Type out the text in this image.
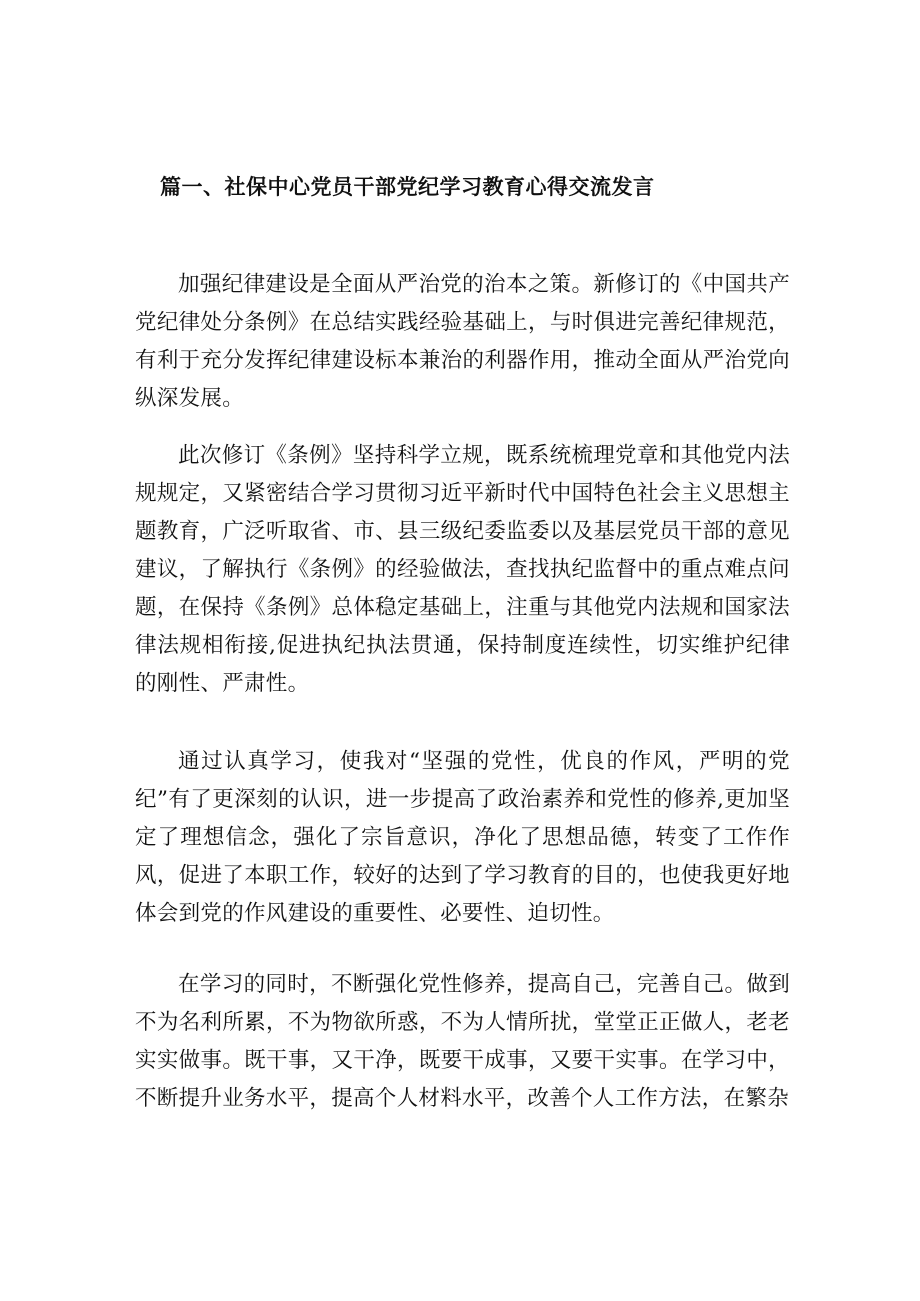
篇一、社保中心党员干部党纪学习教育心得交流发言

加强纪律建设是全面从严治党的治本之策。新修订的《中国共产党纪律处分条例》在总结实践经验基础上，与时俱进完善纪律规范，有利于充分发挥纪律建设标本兼治的利器作用，推动全面从严治党向纵深发展。

此次修订《条例》坚持科学立规，既系统梳理党章和其他党内法规规定，又紧密结合学习贯彻习近平新时代中国特色社会主义思想主题教育，广泛听取省、市、县三级纪委监委以及基层党员干部的意见建议，了解执行《条例》的经验做法，查找执纪监督中的重点难点问题，在保持《条例》总体稳定基础上，注重与其他党内法规和国家法律法规相衔接,促进执纪执法贯通，保持制度连续性，切实维护纪律的刚性、严肃性。

通过认真学习，使我对“坚强的党性，优良的作风，严明的党纪”有了更深刻的认识，进一步提高了政治素养和党性的修养,更加坚定了理想信念，强化了宗旨意识，净化了思想品德，转变了工作作风，促进了本职工作，较好的达到了学习教育的目的，也使我更好地体会到党的作风建设的重要性、必要性、迫切性。

在学习的同时，不断强化党性修养，提高自己，完善自己。做到不为名利所累，不为物欲所惑，不为人情所扰，堂堂正正做人，老老实实做事。既干事，又干净，既要干成事，又要干实事。在学习中，不断提升业务水平，提高个人材料水平，改善个人工作方法，在繁杂
